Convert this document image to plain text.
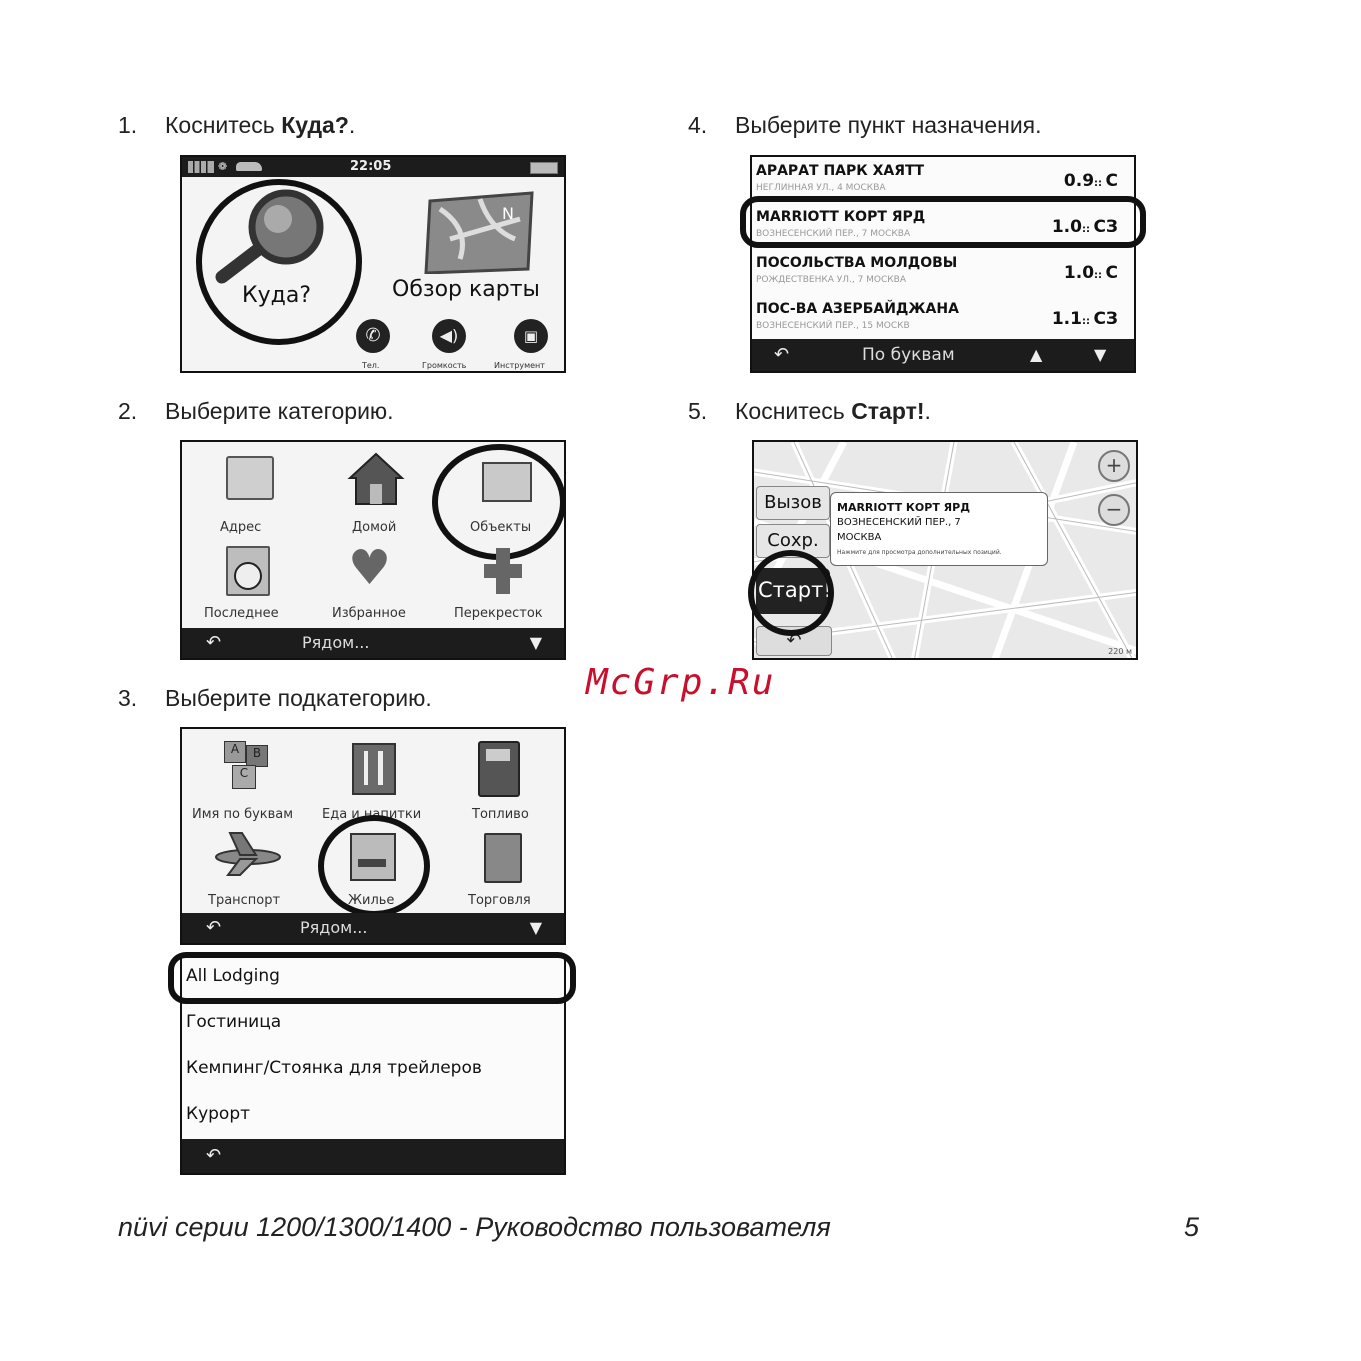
1. Коснитесь Куда?.
2. Выберите категорию.
3. Выберите подкатегорию.
4. Выберите пункт назначения.
5. Коснитесь Старт!.
❁	22:05
Куда?
N
Обзор карты
✆
Тел.
◀)
Громкость
▣
Инструмент
Адрес	Домой	Объекты
Последнее
♥
Избранное	Перекресток
↶	Рядом...	▼
A	B
C
Имя по буквам Еда и напитки	Топливо
Транспорт	Жилье	Торговля
↶	Рядом...	▼
All Lodging
Гостиница
Кемпинг/Стоянка для трейлеров
Курорт
↶
АРАРАТ ПАРК ХАЯТТ
НЕГЛИННАЯ УЛ., 4 МОСКВА	0.9:: С
MARRIOTT КОРТ ЯРД
ВОЗНЕСЕНСКИЙ ПЕР., 7 МОСКВА	1.0:: СЗ
ПОСОЛЬСТВА МОЛДОВЫ
РОЖДЕСТВЕНКА УЛ., 7 МОСКВА	1.0:: С
ПОС-ВА АЗЕРБАЙДЖАНА
ВОЗНЕСЕНСКИЙ ПЕР., 15 МОСКВ	1.1:: СЗ
↶	По буквам	▲	▼
+
−
Вызов
Сохр.
Старт!
↶
MARRIOTT КОРТ ЯРД
ВОЗНЕСЕНСКИЙ ПЕР., 7
МОСКВА
Нажмите для просмотра дополнительных позиций.
220 м
McGrp.Ru
nüvi серии 1200/1300/1400 - Руководство пользователя	5
